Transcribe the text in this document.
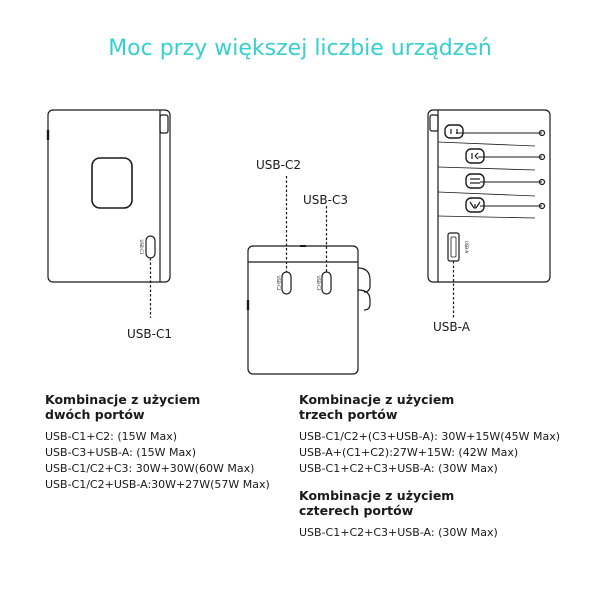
Moc przy większej liczbie urządzeń
USB-C1
USB-C2	USB-C3
USB-A
USB-C1
USB-C2
USB-C3
USB-A
Kombinacje z użyciem
dwóch portów
USB-C1+C2: (15W Max)
USB-C3+USB-A: (15W Max)
USB-C1/C2+C3: 30W+30W(60W Max)
USB-C1/C2+USB-A:30W+27W(57W Max)
Kombinacje z użyciem
trzech portów
USB-C1/C2+(C3+USB-A): 30W+15W(45W Max)
USB-A+(C1+C2):27W+15W: (42W Max)
USB-C1+C2+C3+USB-A: (30W Max)
Kombinacje z użyciem
czterech portów
USB-C1+C2+C3+USB-A: (30W Max)
